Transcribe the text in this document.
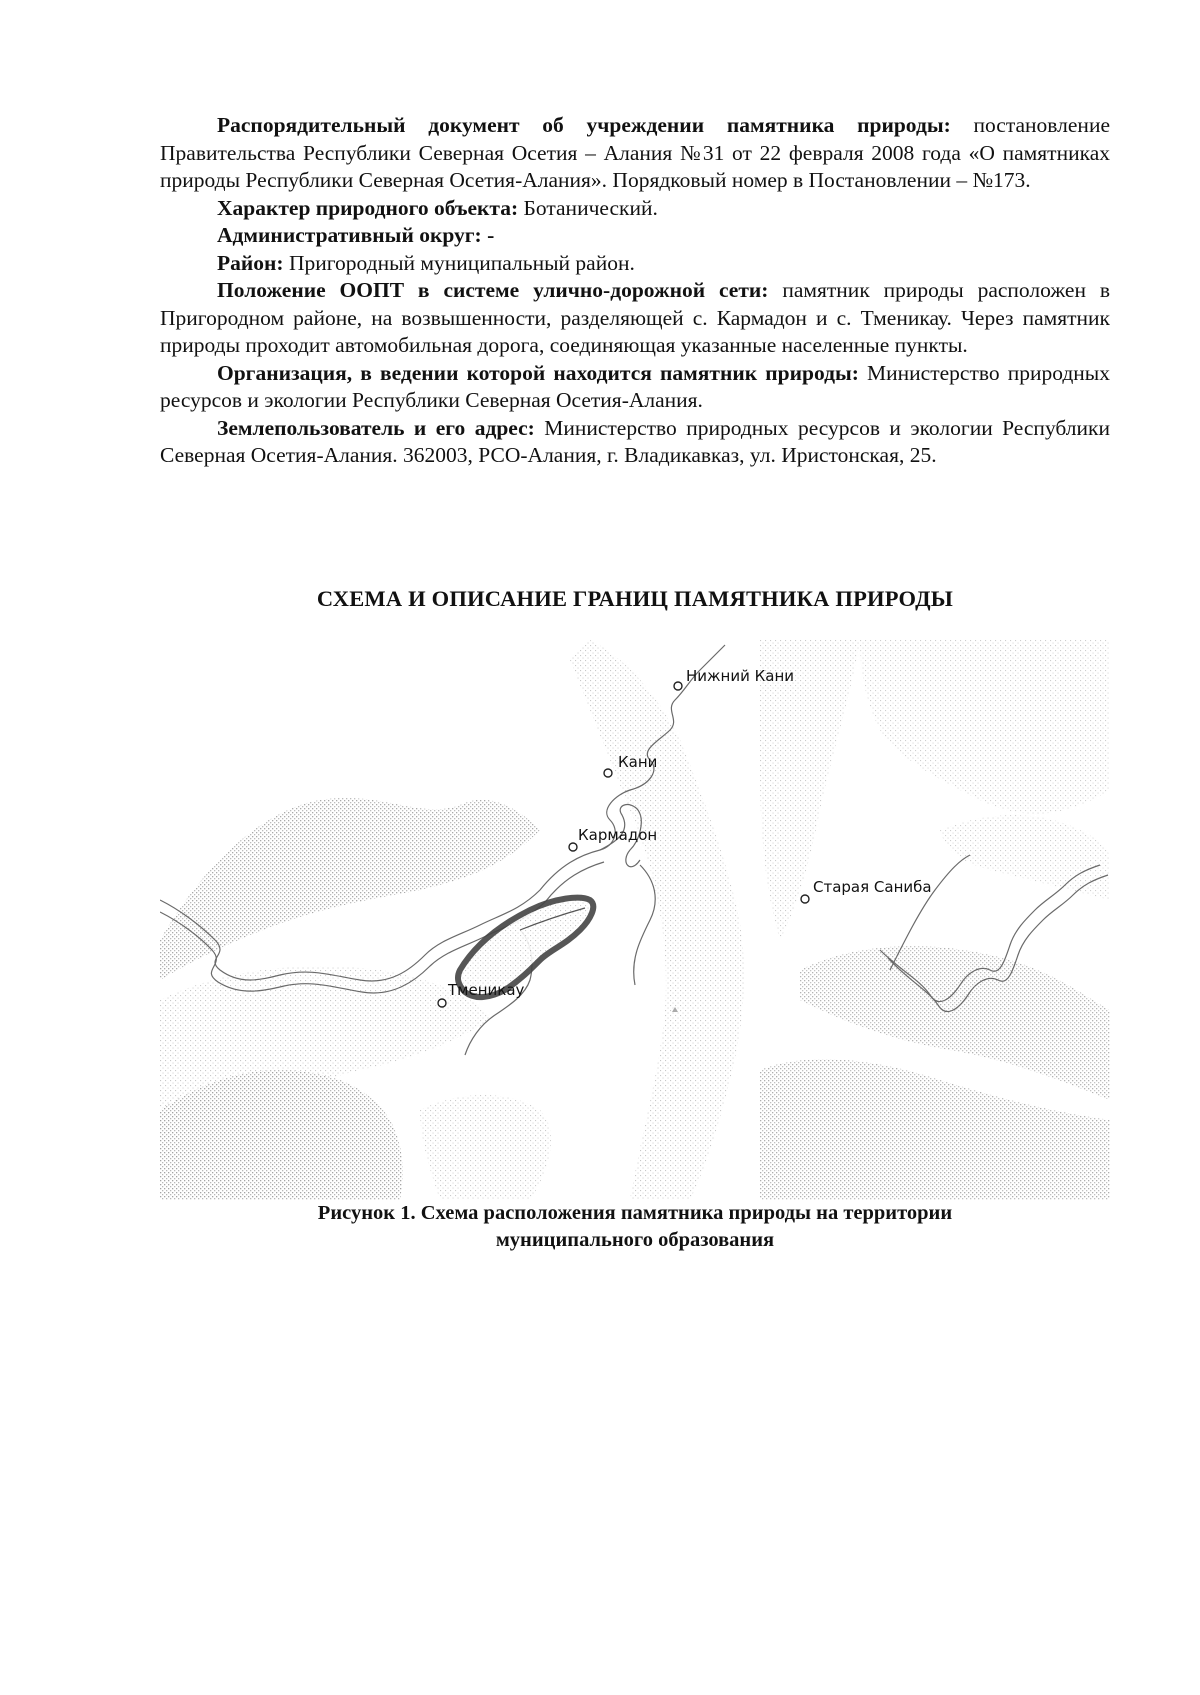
Распорядительный документ об учреждении памятника природы: постановление Правительства Республики Северная Осетия – Алания №31 от 22 февраля 2008 года «О памятниках природы Республики Северная Осетия-Алания». Порядковый номер в Постановлении – №173.

Характер природного объекта: Ботанический.

Административный округ: -

Район: Пригородный муниципальный район.

Положение ООПТ в системе улично-дорожной сети: памятник природы расположен в Пригородном районе, на возвышенности, разделяющей с. Кармадон и с. Тменикау. Через памятник природы проходит автомобильная дорога, соединяющая указанные населенные пункты.

Организация, в ведении которой находится памятник природы: Министерство природных ресурсов и экологии Республики Северная Осетия-Алания.

Землепользователь и его адрес: Министерство природных ресурсов и экологии Республики Северная Осетия-Алания. 362003, РСО-Алания, г. Владикавказ, ул. Иристонская, 25.

СХЕМА И ОПИСАНИЕ ГРАНИЦ ПАМЯТНИКА ПРИРОДЫ
Нижний Кани
Кани
Кармадон
Старая Саниба
Тменикау
Рисунок 1. Схема расположения памятника природы на территории
муниципального образования
